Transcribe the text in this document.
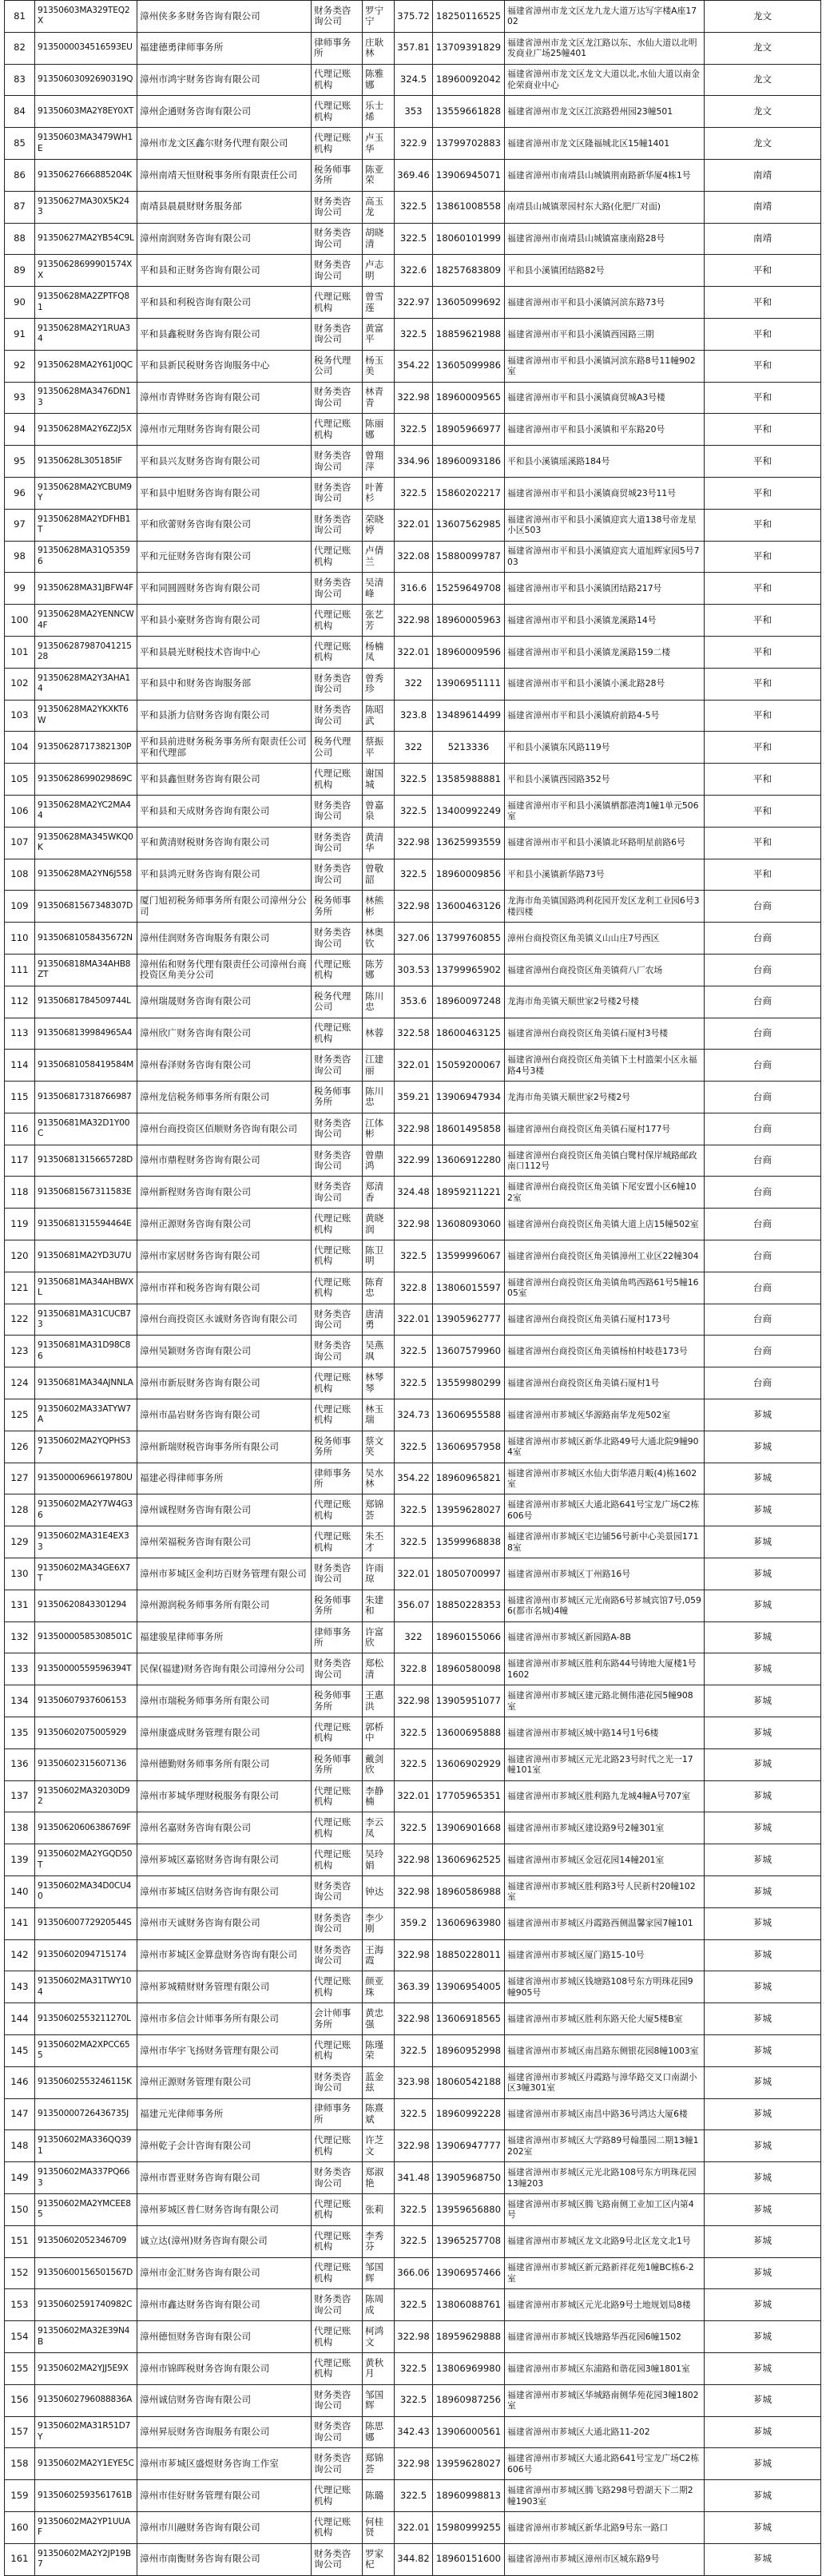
81	91350603MA329TEQ2X	漳州侠多多财务咨询有限公司	财务类咨询公司	罗宁宁	375.72	18250116525	福建省漳州市龙文区龙九龙大道万达写字楼A座1702	龙文
82	913500003451659ЗЕU	福建德勇律师事务所	律师事务所	庄耿林	357.81	13709391829	福建省漳州市龙文区龙江路以东、水仙大道以北明发商业广场25幢401	龙文
83	91350603092690319Q	漳州市鸿宇财务咨询有限公司	代理记账机构	陈雅娜	324.5	18960092042	福建省漳州市龙文区龙文大道以北,水仙大道以南金伦荣商业中心	龙文
84	91350603MA2Y8EY0XT	漳州企通财务咨询有限公司	代理记账机构	乐士烯	353	13559661828	福建省漳州市龙文区江滨路碧州园23幢501	龙文
85	91350603MA3479WH1E	漳州市龙文区鑫尔财务代理有限公司	代理记账机构	卢玉华	322.9	13799702883	福建省漳州市龙文区隆福城北区15幢1401	龙文
86	91350627666885204K	漳州南靖天恒财税事务所有限责任公司	税务师事务所	陈亚荣	369.46	13906945071	福建省漳州市南靖县山城镇荆南路新华厦4栋1号	南靖
87	91350627MA30X5K243	南靖县晨晨财财务服务部	财务类咨询公司	高玉龙	322.5	13861008558	南靖县山城镇翠园村东大路(化肥厂对面)	南靖
88	91350627MA2YB54C9L	漳州南润财务咨询有限公司	财务类咨询公司	胡晓清	322.5	18060101999	福建省漳州市南靖县山城镇富康南路28号	南靖
89	91350628699901574XX	平和县和正财务咨询有限公司	财务类咨询公司	卢志明	322.6	18257683809	平和县小溪镇团结路82号	平和
90	91350628MA2ZPTFQ81	平和县和利税咨询有限公司	代理记账机构	曾雪莲	322.97	13605099692	福建省漳州市平和县小溪镇河滨东路73号	平和
91	91350628MA2Y1RUA34	平和县鑫税财务咨询有限公司	财务类咨询公司	黄富平	322.5	18859621988	福建省漳州市平和县小溪镇西园路三期	平和
92	91350628MA2Y61J0QC	平和县新民税财务咨询服务中心	税务代理公司	杨玉美	354.22	13605099986	福建省漳州市平和县小溪镇河滨东路8号11幢902室	平和
93	91350628MA3476DN13	漳州市青铧财务咨询有限公司	财务类咨询公司	林青青	322.98	18960009565	福建省漳州市平和县小溪镇商贸城A3号楼	平和
94	91350628MA2Y6Z2J5X	漳州市元翔财务咨询有限公司	代理记账机构	陈丽娜	322.5	18905966977	福建省漳州市平和县小溪镇和平东路20号	平和
95	91350628L305185IF	平和县兴友财务咨询有限公司	财务类咨询公司	曾翔萍	334.96	18960093186	平和县小溪镇瑶溪路184号	平和
96	91350628MA2YCBUM9Y	平和县中旭财务咨询有限公司	财务类咨询公司	叶菁杉	322.5	15860202217	福建省漳州市平和县小溪镇商贸城23号11号	平和
97	91350628MA2YDFHB1T	平和欣蕾财务咨询有限公司	财务类咨询公司	荣晓婷	322.01	13607562985	福建省漳州市平和县小溪镇迎宾大道138号帝龙星小区503	平和
98	91350628MA31Q53596	平和元征财务咨询有限公司	代理记账机构	卢倩兰	322.08	15880099787	福建省漳州市平和县小溪镇迎宾大道旭辉家园5号703	平和
99	91350628MA31JBFW4F	平和同圆圆财务咨询有限公司	财务类咨询公司	吴清峰	316.6	15259649708	福建省漳州市平和县小溪镇团结路217号	平和
100	91350628MA2YENNCW4F	平和县小豪财务咨询有限公司	代理记账机构	张艺芳	322.98	18960005963	福建省漳州市平和县小溪镇龙溪路14号	平和
101	91350628798704121528	平和县晨光财税技术咨询中心	代理记账机构	杨楠凤	322.01	18960009596	福建省漳州市平和县小溪镇龙溪路159二楼	平和
102	91350628MA2Y3AHA14	平和县中和财务咨询服务部	财务类咨询公司	曾秀珍	322	13906951111	福建省漳州市平和县小溪镇小溪北路28号	平和
103	91350628MA2YKXKT6W	平和县浙力信财务咨询有限公司	财务类咨询公司	陈昭武	323.8	13489614499	福建省漳州市平和县小溪镇府前路4-5号	平和
104	91350628717382130P	平和县前进财务税务事务所有限责任公司平和代理部	税务代理公司	蔡振平	322	5213336	平和县小溪镇东风路119号	平和
105	91350628699029869C	平和县鑫恒财务咨询有限公司	代理记账机构	谢国城	322.5	13585988881	平和县小溪镇西园路352号	平和
106	91350628MA2YC2MA44	平和县和天成财务咨询有限公司	财务类咨询公司	曾嘉泉	322.5	13400992249	福建省漳州市平和县小溪镇栖都港湾1幢1单元506室	平和
107	91350628MA345WKQ0K	平和黄清财税财务咨询有限公司	财务类咨询公司	黄清华	322.98	13625993559	福建省漳州市平和县小溪镇北环路明星前路6号	平和
108	91350628MA2YN6J558	平和县鸿元财务咨询有限公司	财务类咨询公司	曾敬韶	322.5	18960009856	平和县小溪镇新华路73号	平和
109	91350681567348307D	厦门旭初税务师事务所有限公司漳州分公司	税务师事务所	林熊彬	322.98	13600463126	龙海市角美镇国路鸿利花园开发区龙利工业园6号3楼四楼	台商
110	91350681058435672N	漳州佳润财务咨询服务有限公司	财务类咨询公司	林奥钦	327.06	13799760855	漳州台商投资区角美镇义山山庄7号西区	台商
111	913506818MA34AHB8ZT	漳州佑和财务代理有限责任公司漳州台商投资区角美分公司	代理记账机构	陈芳娜	303.53	13799965902	福建省漳州台商投资区角美镇荷八厂农场	台商
112	91350681784509744L	漳州瑞晟财务咨询有限公司	税务代理公司	陈川忠	353.6	18960097248	龙海市角美镇天顺世家2号楼2号楼	台商
113	9135068139984965A4	漳州欣广财务咨询有限公司	代理记账机构	林蓉	322.58	18600463125	福建省漳州台商投资区角美镇石厦村3号楼	台商
114	91350681058419584M	漳州春泽财务咨询有限公司	财务类咨询公司	江建丽	322.01	15059200067	福建省漳州台商投资区角美镇下土村篮架小区永福路4号3楼	台商
115	913506817318766987	漳州龙信税务师事务所有限公司	税务师事务所	陈川忠	359.21	13906947934	龙海市角美镇天顺世家2号楼2号	台商
116	91350681MA32D1Y00C	漳州台商投资区佰顺财务咨询有限公司	财务类咨询公司	江体彬	322.98	18601495858	福建省漳州台商投资区角美镇石厦村177号	台商
117	91350681315665728D	漳州市鼎程财务咨询有限公司	财务类咨询公司	曾鼎鸿	322.99	13606912280	福建省漳州台商投资区角美镇白鹭村保岸城路邮政南口112号	台商
118	91350681567311583E	漳州新程财务咨询有限公司	财务类咨询公司	郑清香	324.48	18959211221	福建省漳州台商投资区角美镇下尾安置小区6幢102室	台商
119	91350681315594464E	漳州正源财务咨询有限公司	代理记账机构	黄晓润	322.98	13608093060	福建省漳州台商投资区角美镇大道上店15幢502室	台商
120	91350681MA2YD3U7U	漳州市家居财务咨询有限公司	代理记账机构	陈卫明	322.5	13599996067	福建省漳州台商投资区角美镇漳州工业区22幢304	台商
121	91350681MA34AHBWXL	漳州市祥和税务咨询有限公司	代理记账机构	陈育忠	322.8	13806015597	福建省漳州台商投资区角美镇角鸣西路61号5幢1605室	台商
122	91350681MA31CUCB73	漳州台商投资区永诚财务咨询有限公司	财务类咨询公司	唐清勇	322.01	13905962777	福建省漳州台商投资区角美镇石厦村173号	台商
123	91350681MA31D98C86	漳州吴颖财务咨询有限公司	财务类咨询公司	吴燕飒	322.5	13607579960	福建省漳州台商投资区角美镇杨柏村岐巷173号	台商
124	91350681MA34AJNNLA	漳州市新辰财务咨询有限公司	代理记账机构	林琴琴	322.5	13559980299	福建省漳州台商投资区角美镇石厦村1号	台商
125	91350602MA33ATYW7A	漳州市晶岩财务咨询有限公司	代理记账机构	林玉瑞	324.73	13606955588	福建省漳州市芗城区华源路南华龙苑502室	芗城
126	91350602MA2YQPHS37	漳州新瑞财税咨询事务所有限公司	税务师事务所	蔡文笑	322.5	13606957958	福建省漳州市芗城区新华北路49号大通北院9幢904室	芗城
127	91350000696619780U	福建必得律师事务所	律师事务所	吴水林	354.22	18960965821	福建省漳州市芗城区水仙大街华港月畈(4)栋1602室	芗城
128	91350602MA2Y7W4G36	漳州诚程财务咨询有限公司	代理记账机构	郑锦荟	322.5	13959628027	福建省漳州市芗城区大通北路641号宝龙广场C2栋606号	芗城
129	91350602MA31E4EX33	漳州荣福税务咨询有限公司	代理记账机构	朱丕才	322.5	13599968838	福建省漳州市芗城区宅边铺56号新中心美景园1718室	芗城
130	91350602MA34GE6X7T	漳州市芗城区金利坊百财务管理有限公司	财务类咨询公司	许雨琼	322.01	18050700997	福建省漳州市芗城区丁州路16号	芗城
131	91350620843301294	漳州源润税务师事务所有限公司	税务师事务所	朱建和	356.07	18850228353	福建省漳州市芗城区元光南路6号芗城宾馆7号,0596(都市名城)4幢	芗城
132	91350000585308501C	福建骏星律师事务所	律师事务所	许富欣	322	18960155066	福建省漳州市芗城区新园路A-8B	芗城
133	91350000559596394T	民保(福建)财务咨询有限公司漳州分公司	财务类咨询公司	郑松清	322.8	18960580098	福建省漳州市芗城区胜利东路44号铸地大厦楼1号1602	芗城
134	91350607937606153	漳州市瑞税务师事务所有限公司	税务师事务所	王惠洪	322.98	13905951077	福建省漳州市芗城区建元路北侧伟港花园5幢908室	芗城
135	91350602075005929	漳州康盛成财务管理有限公司	代理记账机构	郭桥中	322.5	13600695888	福建省漳州市芗城区城中路14号1号6楼	芗城
136	91350602315607136	漳州德勤财务师事务所有限公司	税务师事务所	戴剑欣	322.5	13606902929	福建省漳州市芗城区元光北路23号时代之光一17幢101室	芗城
137	91350602MA32030D92	漳州市芗城华理财税服务有限公司	代理记账机构	李静楠	322.01	17705965351	福建省漳州市芗城区胜利路九龙城4幢A号707室	芗城
138	91350620606386769F	漳州名嘉财务咨询有限公司	代理记账机构	李云凤	322.5	13906901668	福建省漳州市芗城区建设路9号2幢301室	芗城
139	91350602MA2YGQD50T	漳州芗城区嘉铭财务咨询有限公司	代理记账机构	吴玲娟	322.98	13606962525	福建省漳州市芗城区金冠花园14幢201室	芗城
140	91350602MA34D0CU40	漳州市芗城区信财务咨询有限公司	财务类咨询公司	钟达	322.98	18960586988	福建省漳州市芗城区胜利路3号人民新村20幢102室	芗城
141	91350600772920544S	漳州市天诚财务咨询有限公司	财务类咨询公司	李少刚	359.2	13606963980	福建省漳州市芗城区丹霞路西侧温馨家园7幢101	芗城
142	91350602094715174	漳州市芗城区金算盘财务咨询有限公司	财务类咨询公司	王海霞	322.98	18850228011	福建省漳州市芗城区厦门路15-10号	芗城
143	91350602MA31TWY104	漳州芗城精财财务管理有限公司	代理记账机构	颜亚珠	363.39	13906954005	福建省漳州市芗城区钱塘路108号东方明珠花园9幢905号	芗城
144	91350602553211270L	漳州市多信会计师事务所有限公司	会计师事务所	黄忠强	322.98	13606918565	福建省漳州市芗城区胜利东路天伦大厦5楼B室	芗城
145	91350602MA2XPCC655	漳州市华宇飞扬财务管理有限公司	代理记账机构	陈瑾荣	322.5	18960952998	福建省漳州市芗城区南昌路东侧银花园8幢1003室	芗城
146	91350602553246115K	漳州正源财务管理有限公司	财务类咨询公司	蓝金兹	323.98	18060542188	福建省漳州市芗城区丹霞路与漳华路交叉口南湖小区3幢301室	芗城
147	91350000726436735J	福建元光律师事务所	律师事务所	陈熹斌	322.5	18960992228	福建省漳州市芗城区南昌中路36号鸿达大厦6楼	芗城
148	91350602MA336QQ391	漳州乾子会计咨询有限公司	代理记账机构	许芝文	322.98	13906947777	福建省漳州市芗城区大学路89号翰墨园二期13幢1202室	芗城
149	91350602MA337PQ663	漳州市晋亚财务咨询有限公司	财务类咨询公司	郑淑艳	341.48	13905968750	福建省漳州市芗城区元光北路108号东方明珠花园13幢203	芗城
150	91350602MA2YMCEE85	漳州芗城区普仁财务咨询有限公司	代理记账机构	张莉	322.5	13959656880	福建省漳州市芗城区腾飞路南侧工业加工区内第4号	芗城
151	91350602052346709	诚立达(漳州)财务咨询有限公司	代理记账机构	李秀芬	322.5	13965257708	福建省漳州市芗城区龙文北路9号北区龙文北1号	芗城
152	91350600156501567D	漳州市金汇财务咨询有限公司	代理记账机构	邹国辉	366.06	13906957466	福建省漳州市芗城区新元路新祥花苑1幢BC栋6-2室	芗城
153	91350602591740982C	漳州市鑫达财务咨询有限公司	财务类咨询公司	陈周成	322.5	13806088761	福建省漳州市芗城区元光北路9号土地规划局8楼	芗城
154	91350602MA32E39N4B	漳州德恒财务咨询有限公司	代理记账机构	柯鸿文	322.98	18959629888	福建省漳州市芗城区钱塘路华西花园6幢1502	芗城
155	91350602MA2YJJ5E9X	漳州市锦晖税财务咨询有限公司	代理记账机构	黄秋月	322.5	13806969980	福建省漳州市芗城区东浦路和谐花园3幢1801室	芗城
156	91350602796088836A	漳州诚信财务咨询有限公司	财务类咨询公司	邹国辉	322.5	18960987256	福建省漳州市芗城区华城路南侧华苑花园3幢1802室	芗城
157	91350602MA31R51D7Y	漳州昇辰财务咨询服务有限公司	财务类咨询公司	陈思娜	342.43	13906000561	福建省漳州市芗城区大通北路11-202	芗城
158	91350602MA2Y1EYE5C	漳州市芗城区盛煜财务咨询工作室	财务类咨询公司	郑锦荟	322.98	13959628027	福建省漳州市芗城区大通北路641号宝龙广场C2栋606号	芗城
159	91350602593561761B	漳州市佳好财务管理有限公司	代理记账机构	陈璐	322.5	18960998813	福建省漳州市芗城区腾飞路298号碧湖天下二期2幢1903室	芗城
160	91350602MA2YP1UUAF	漳州市川融财务咨询有限公司	代理记账机构	何桂贤	322.01	15980999255	福建省漳州市芗城区新华北路9号东一路口	芗城
161	91350602MA2Y2JP19B7	漳州市南衡财务咨询有限公司	财务类咨询公司	罗家杞	344.82	18960151600	福建省漳州市芗城区漳州市区城东路9号	芗城
